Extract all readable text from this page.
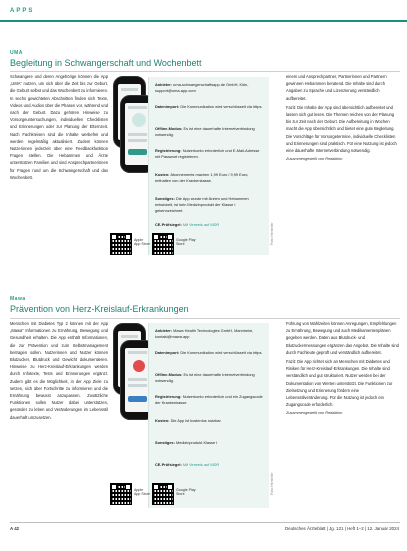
APPS
UMA
Begleitung in Schwangerschaft und Wochenbett

Schwangere und deren Angehörige können die App „UMA“ nutzen, um sich über die Zeit bis zur Geburt, die Geburt selbst und das Wochenbett zu informieren. In sechs gewichteten Abschnitten finden sich Texte, Videos und Audios über die Phasen vor, während und nach der Geburt. Dazu gehören Hinweise zu Vorsorgeuntersuchungen, individuellen Checklisten und Erinnerungen oder zur Planung der Elternzeit. Nach Fachkreisen sind die Inhalte werbefrei und werden regelmäßig aktualisiert. Zudem können Nutzerinnen jederzeit über eine Feedbackfunktion Fragen stellen. Die Hebammen und Ärzte unterstützen Familien und sind Ansprechpartnerinnen für Fragen rund um die Schwangerschaft und das Wochenbett.

Anbieter: uma-schwangerschaftsapp.de GmbH, Köln, support@uma-app.com
Datenimport: Die Kommunikation wird verschlüsselt via https.
Offline-Modus: Es ist eine dauerhafte Internetverbindung notwendig.
Registrierung: Nutzerkonto erforderlich und E-Mail-Adresse mit Passwort registrieren.
Kosten: Abonnements machen 1,99 Euro / 9,99 Euro, enthalten von der Krankenkasse.
Sonstiges: Die App wurde mit Ärzten und Hebammen entwickelt, ist kein Medizinprodukt der Klasse I gekennzeichnet.
CE-Prüfsiegel: Mit Verweis auf MDR	Foto: Hersteller
Apple App Store
Google Play Store

einem und Ansprechpartner, Partnerinnen und Partnern gewinnen Hebammen beratend. Die Inhalte sind durch Angaben zu Sprache und Lizenzierung verständlich aufbereitet.

Fazit: Die Inhalte der App sind übersichtlich aufbereitet und lassen sich gut lesen. Die Themen reichen von der Planung bis zur Zeit nach der Geburt. Die Aufbereitung in Wochen macht die App übersichtlich und bietet eine gute Begleitung. Die Vorschläge für Vorsorgetermine, individuelle Checklisten und Erinnerungen sind praktisch. Für eine Nutzung ist jedoch eine dauerhafte Internetverbindung notwendig.

Zusammengestellt von Redaktion

Mawa
Prävention von Herz-Kreislauf-Erkrankungen

Menschen mit Diabetes Typ 2 können mit der App „Mawa“ Informationen zu Ernährung, Bewegung und Gesundheit erhalten. Die App enthält Informationen, die zur Prävention und zum Selbstmanagement beitragen sollen. Nutzerinnen und Nutzer können Blutzucker, Blutdruck und Gewicht dokumentieren. Hinweise zu Herz-Kreislauf-Erkrankungen werden durch Infotexte, Tests und Erinnerungen ergänzt. Zudem gibt es die Möglichkeit, in der App Ziele zu setzen, sich über Fortschritte zu informieren und die Ernährung bewusst anzupassen. Zusätzliche Funktionen sollen Nutzer dabei unterstützen, gesünder zu leben und Veränderungen im Lebensstil dauerhaft umzusetzen.

Anbieter: Mawa Health Technologies GmbH, Mannheim, kontakt@mawa.app
Datenimport: Die Kommunikation wird verschlüsselt via https.
Offline-Modus: Es ist eine dauerhafte Internetverbindung notwendig.
Registrierung: Nutzerkonto erforderlich und ein Zugangscode der Krankenkasse.
Kosten: Die App ist kostenlos nutzbar.
Sonstiges: Medizinprodukt Klasse I
CE-Prüfsiegel: Mit Verweis auf MDR
Foto: Hersteller
Apple App Store
Google Play Store

Führung von Mahlzeiten können Anregungen, Empfehlungen zu Ernährung, Bewegung und auch Medikamentenplänen gegeben werden. Daten aus Blutdruck- und Blutzuckermessungen ergänzen das Angebot. Die Inhalte sind durch Fachleute geprüft und verständlich aufbereitet.

Fazit: Die App richtet sich an Menschen mit Diabetes und Risiken für Herz-Kreislauf-Erkrankungen. Die Inhalte sind verständlich und gut strukturiert. Nutzer werden bei der Dokumentation von Werten unterstützt. Die Funktionen zur Zielsetzung und Erinnerung fördern eine Lebensstilveränderung. Für die Nutzung ist jedoch ein Zugangscode erforderlich.

Zusammengestellt von Redaktion

A 42	Deutsches Ärzteblatt | Jg. 121 | Heft 1–2 | 12. Januar 2024
